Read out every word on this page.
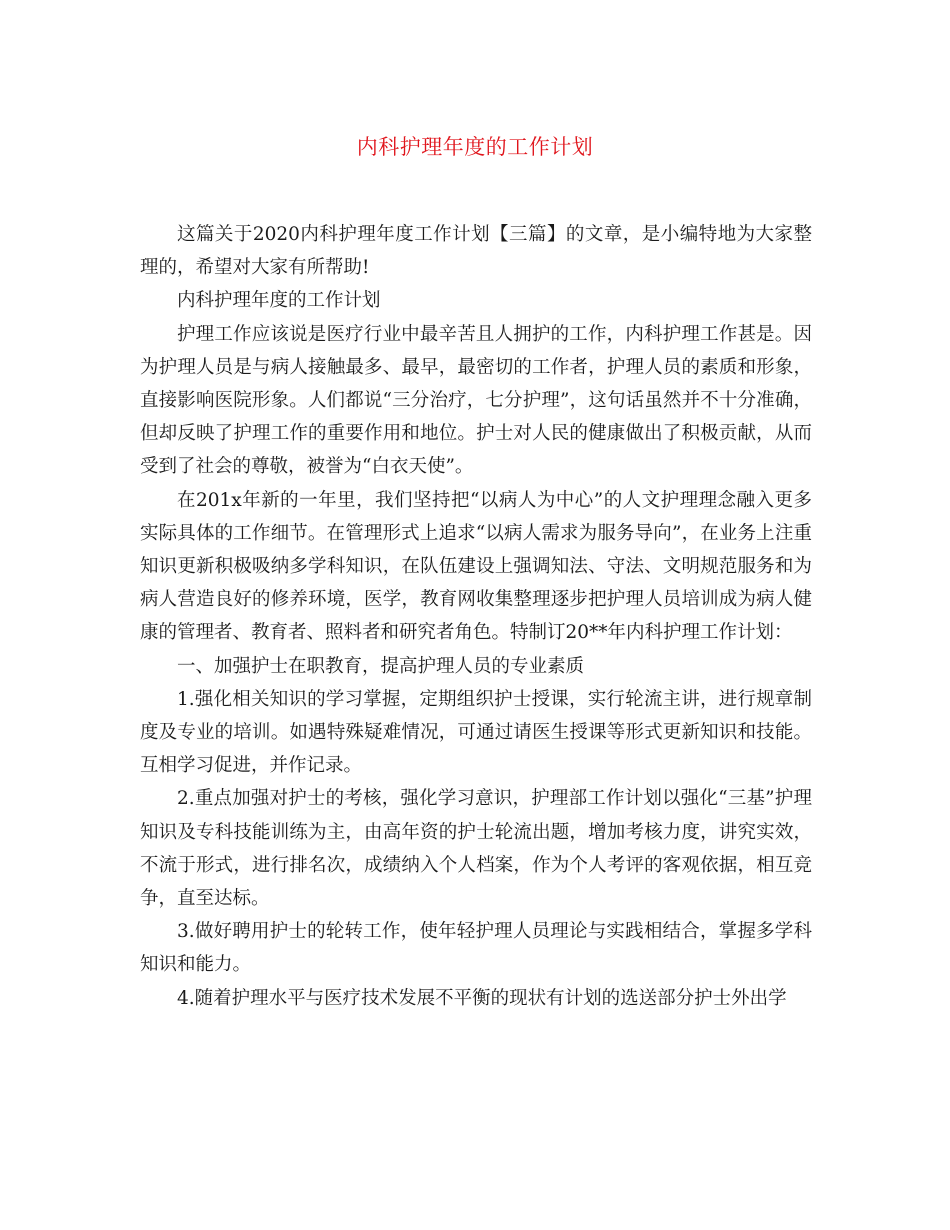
内科护理年度的工作计划

这篇关于2020内科护理年度工作计划【三篇】的文章，是小编特地为大家整理的，希望对大家有所帮助!

内科护理年度的工作计划

护理工作应该说是医疗行业中最辛苦且人拥护的工作，内科护理工作甚是。因为护理人员是与病人接触最多、最早，最密切的工作者，护理人员的素质和形象，直接影响医院形象。人们都说“三分治疗，七分护理”，这句话虽然并不十分准确，但却反映了护理工作的重要作用和地位。护士对人民的健康做出了积极贡献，从而受到了社会的尊敬，被誉为“白衣天使”。

在201x年新的一年里，我们坚持把“以病人为中心”的人文护理理念融入更多实际具体的工作细节。在管理形式上追求“以病人需求为服务导向”，在业务上注重知识更新积极吸纳多学科知识，在队伍建设上强调知法、守法、文明规范服务和为病人营造良好的修养环境，医学，教育网收集整理逐步把护理人员培训成为病人健康的管理者、教育者、照料者和研究者角色。特制订20**年内科护理工作计划：

一、加强护士在职教育，提高护理人员的专业素质

1.强化相关知识的学习掌握，定期组织护士授课，实行轮流主讲，进行规章制度及专业的培训。如遇特殊疑难情况，可通过请医生授课等形式更新知识和技能。互相学习促进，并作记录。

2.重点加强对护士的考核，强化学习意识，护理部工作计划以强化“三基”护理知识及专科技能训练为主，由高年资的护士轮流出题，增加考核力度，讲究实效，不流于形式，进行排名次，成绩纳入个人档案，作为个人考评的客观依据，相互竞争，直至达标。

3.做好聘用护士的轮转工作，使年轻护理人员理论与实践相结合，掌握多学科知识和能力。

4.随着护理水平与医疗技术发展不平衡的现状有计划的选送部分护士外出学
